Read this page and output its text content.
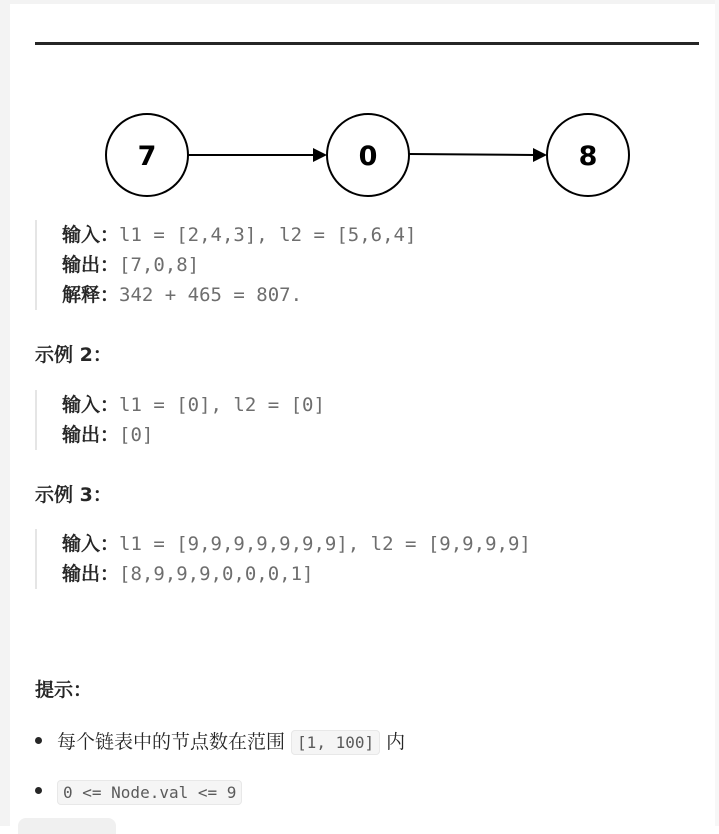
7	0	8
输入：l1 = [2,4,3], l2 = [5,6,4]
输出：[7,0,8]
解释：342 + 465 = 807.
示例 2：
输入：l1 = [0], l2 = [0]
输出：[0]
示例 3：
输入：l1 = [9,9,9,9,9,9,9], l2 = [9,9,9,9]
输出：[8,9,9,9,0,0,0,1]
提示：
每个链表中的节点数在范围 [1, 100] 内
0 <= Node.val <= 9
